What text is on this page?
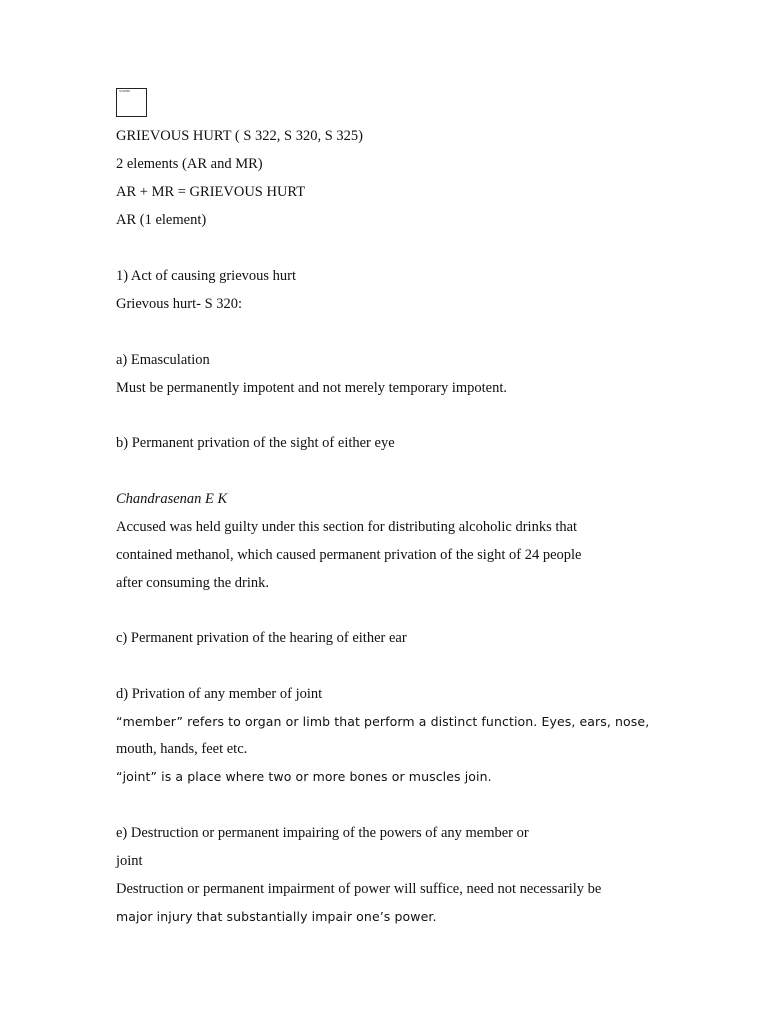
SCRIBD
GRIEVOUS HURT ( S 322, S 320, S 325)
2 elements (AR and MR)
AR + MR = GRIEVOUS HURT
AR (1 element)
1) Act of causing grievous hurt
Grievous hurt- S 320:
a) Emasculation
Must be permanently impotent and not merely temporary impotent.
b) Permanent privation of the sight of either eye
Chandrasenan E K
Accused was held guilty under this section for distributing alcoholic drinks that
contained methanol, which caused permanent privation of the sight of 24 people
after consuming the drink.
c) Permanent privation of the hearing of either ear
d) Privation of any member of joint
“member” refers to organ or limb that perform a distinct function. Eyes, ears, nose,
mouth, hands, feet etc.
“joint” is a place where two or more bones or muscles join.
e) Destruction or permanent impairing of the powers of any member or
joint
Destruction or permanent impairment of power will suffice, need not necessarily be
major injury that substantially impair one’s power.
